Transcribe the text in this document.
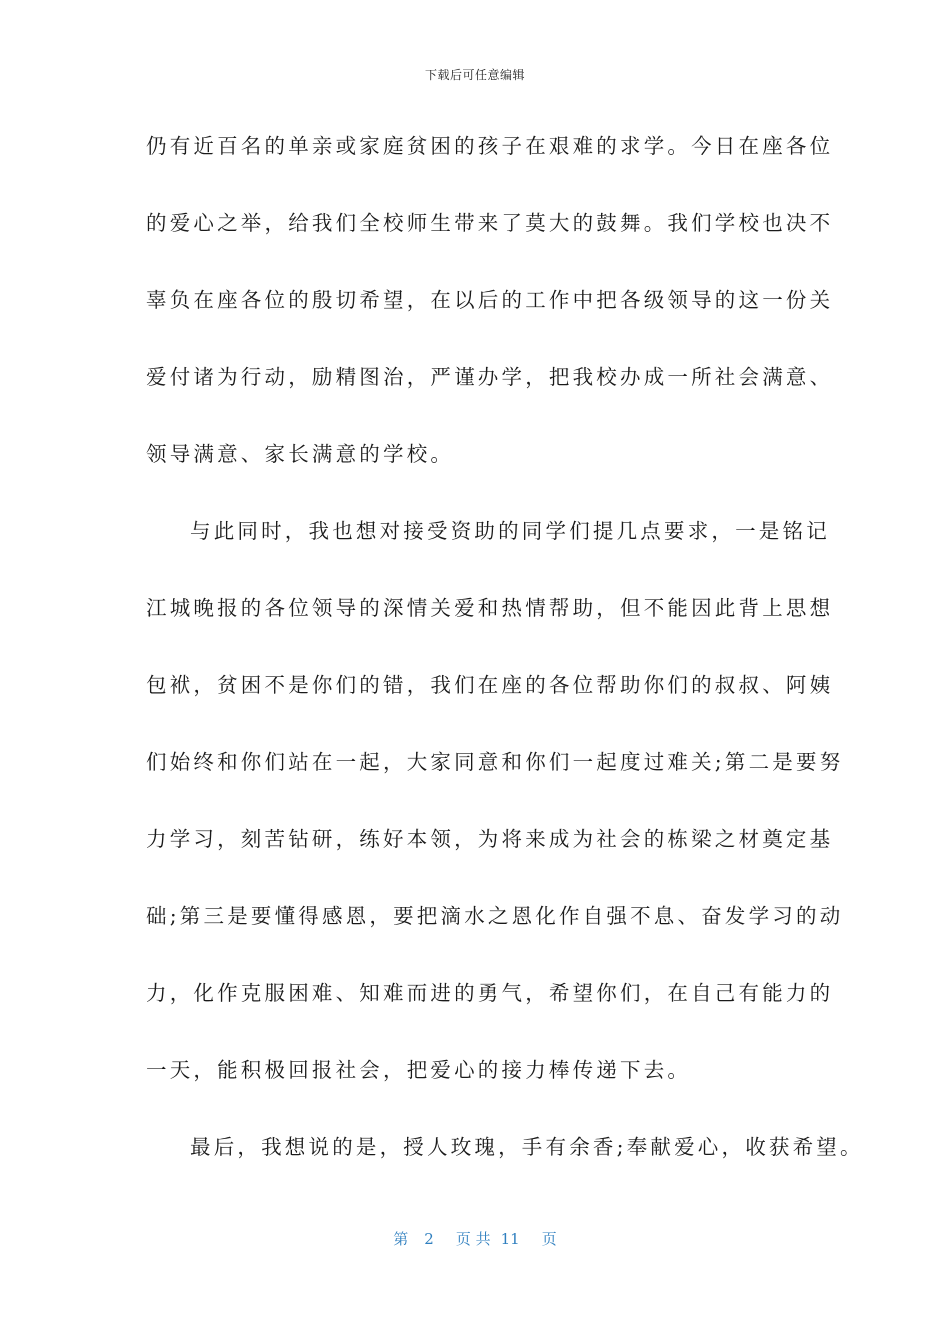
下载后可任意编辑
仍有近百名的单亲或家庭贫困的孩子在艰难的求学。今日在座各位
的爱心之举，给我们全校师生带来了莫大的鼓舞。我们学校也决不
辜负在座各位的殷切希望，在以后的工作中把各级领导的这一份关
爱付诸为行动，励精图治，严谨办学，把我校办成一所社会满意、
领导满意、家长满意的学校。
与此同时，我也想对接受资助的同学们提几点要求，一是铭记
江城晚报的各位领导的深情关爱和热情帮助，但不能因此背上思想
包袱，贫困不是你们的错，我们在座的各位帮助你们的叔叔、阿姨
们始终和你们站在一起，大家同意和你们一起度过难关;第二是要努
力学习，刻苦钻研，练好本领，为将来成为社会的栋梁之材奠定基
础;第三是要懂得感恩，要把滴水之恩化作自强不息、奋发学习的动
力，化作克服困难、知难而进的勇气，希望你们，在自己有能力的
一天，能积极回报社会，把爱心的接力棒传递下去。
最后，我想说的是，授人玫瑰，手有余香;奉献爱心，收获希望。
第 2 页 共 11 页
